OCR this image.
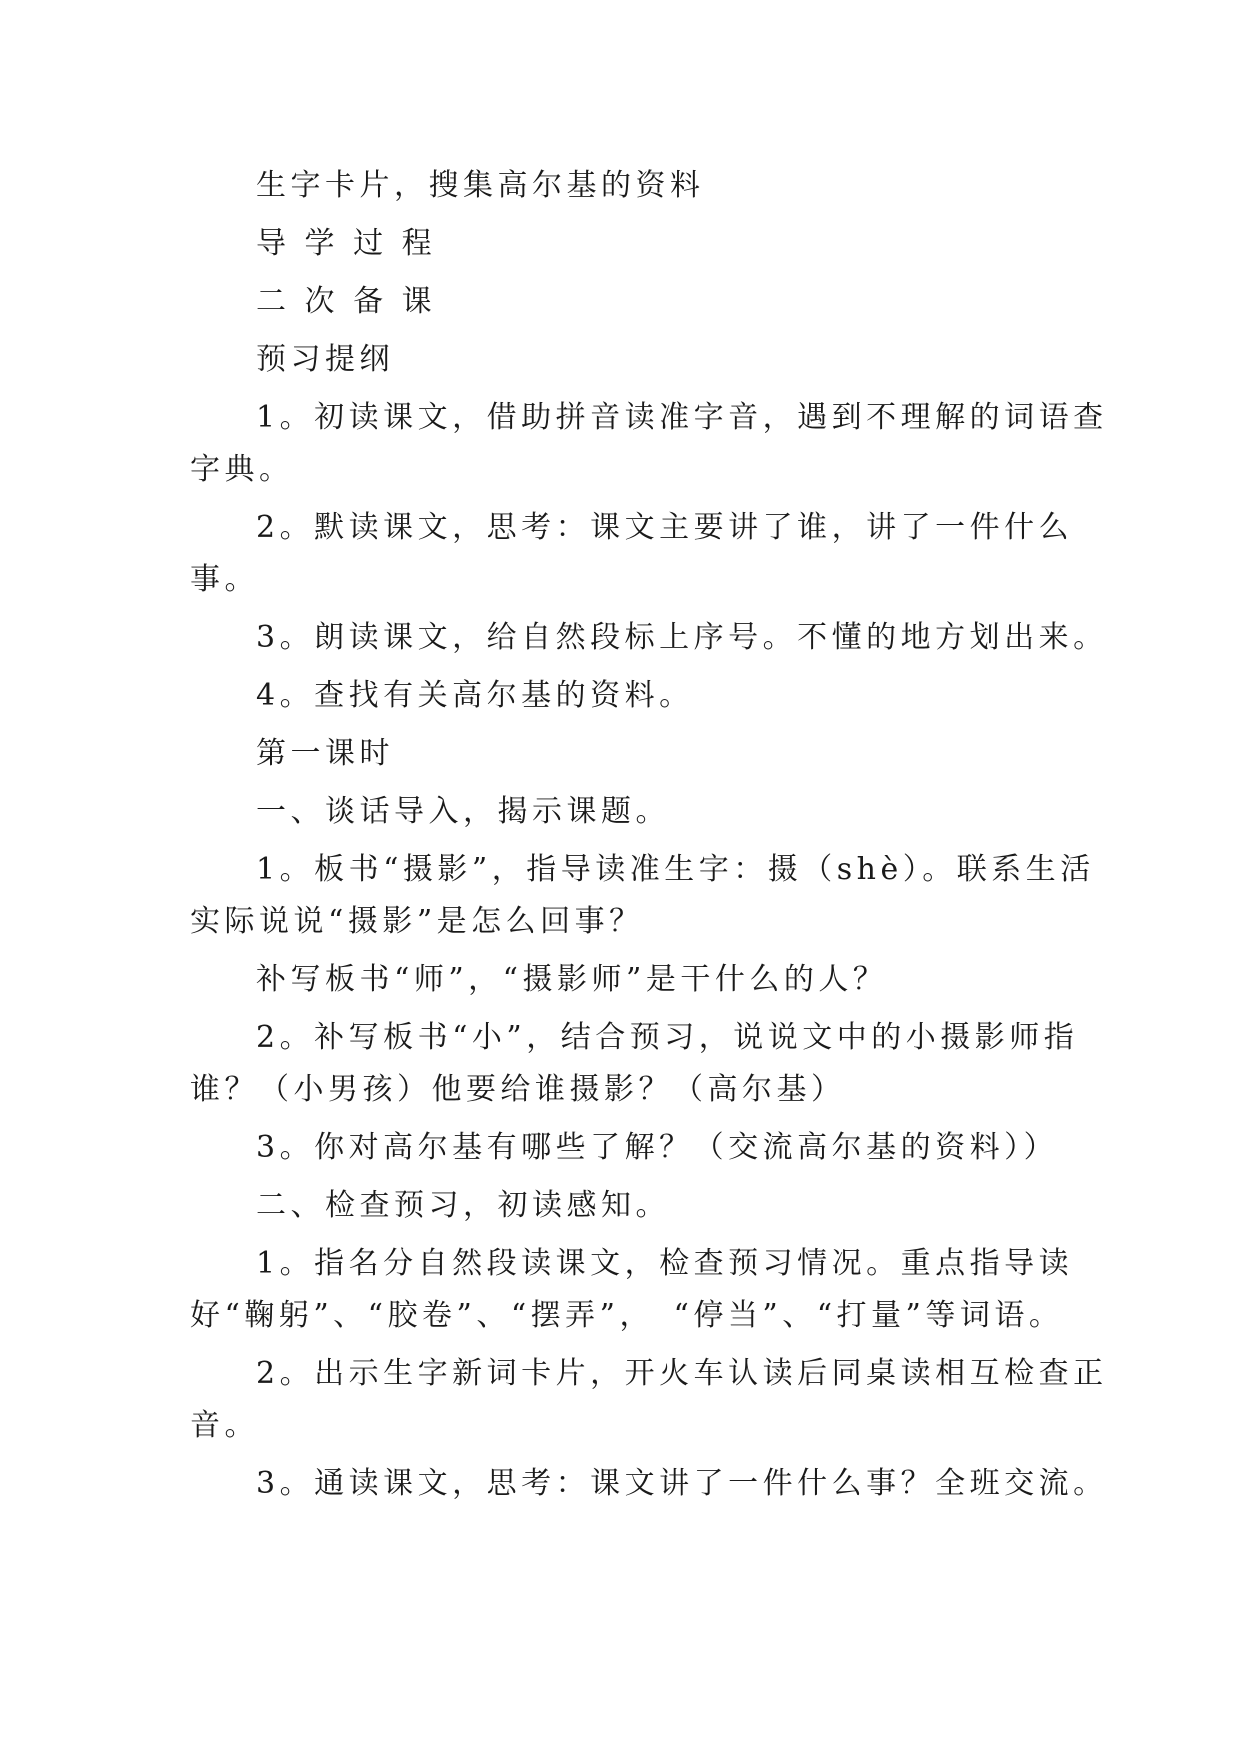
生字卡片，搜集高尔基的资料

导 学 过 程

二 次 备 课

预习提纲

1。初读课文，借助拼音读准字音，遇到不理解的词语查字典。

2。默读课文，思考：课文主要讲了谁，讲了一件什么事。

3。朗读课文，给自然段标上序号。不懂的地方划出来。

4。查找有关高尔基的资料。

第一课时

一、谈话导入，揭示课题。

1。板书“摄影”，指导读准生字：摄（shè）。联系生活实际说说“摄影”是怎么回事？

补写板书“师”，“摄影师”是干什么的人？

2。补写板书“小”，结合预习，说说文中的小摄影师指谁？（小男孩）他要给谁摄影？（高尔基）

3。你对高尔基有哪些了解？（交流高尔基的资料））

二、检查预习，初读感知。

1。指名分自然段读课文，检查预习情况。重点指导读好“鞠躬”、“胶卷”、“摆弄”，　“停当”、“打量”等词语。

2。出示生字新词卡片，开火车认读后同桌读相互检查正音。

3。通读课文，思考：课文讲了一件什么事？全班交流。
